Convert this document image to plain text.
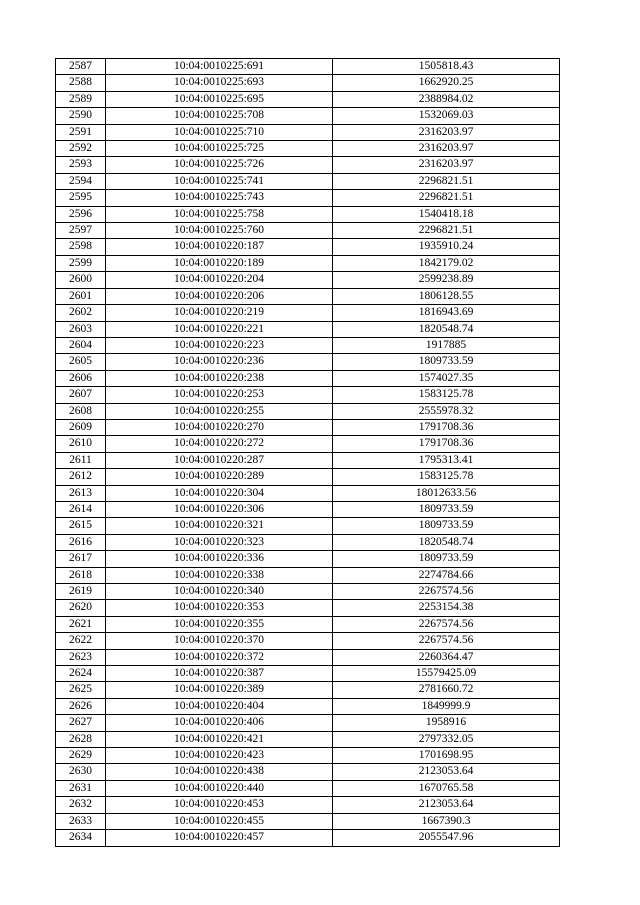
2587	10:04:0010225:691	1505818.43
2588	10:04:0010225:693	1662920.25
2589	10:04:0010225:695	2388984.02
2590	10:04:0010225:708	1532069.03
2591	10:04:0010225:710	2316203.97
2592	10:04:0010225:725	2316203.97
2593	10:04:0010225:726	2316203.97
2594	10:04:0010225:741	2296821.51
2595	10:04:0010225:743	2296821.51
2596	10:04:0010225:758	1540418.18
2597	10:04:0010225:760	2296821.51
2598	10:04:0010220:187	1935910.24
2599	10:04:0010220:189	1842179.02
2600	10:04:0010220:204	2599238.89
2601	10:04:0010220:206	1806128.55
2602	10:04:0010220:219	1816943.69
2603	10:04:0010220:221	1820548.74
2604	10:04:0010220:223	1917885
2605	10:04:0010220:236	1809733.59
2606	10:04:0010220:238	1574027.35
2607	10:04:0010220:253	1583125.78
2608	10:04:0010220:255	2555978.32
2609	10:04:0010220:270	1791708.36
2610	10:04:0010220:272	1791708.36
2611	10:04:0010220:287	1795313.41
2612	10:04:0010220:289	1583125.78
2613	10:04:0010220:304	18012633.56
2614	10:04:0010220:306	1809733.59
2615	10:04:0010220:321	1809733.59
2616	10:04:0010220:323	1820548.74
2617	10:04:0010220:336	1809733.59
2618	10:04:0010220:338	2274784.66
2619	10:04:0010220:340	2267574.56
2620	10:04:0010220:353	2253154.38
2621	10:04:0010220:355	2267574.56
2622	10:04:0010220:370	2267574.56
2623	10:04:0010220:372	2260364.47
2624	10:04:0010220:387	15579425.09
2625	10:04:0010220:389	2781660.72
2626	10:04:0010220:404	1849999.9
2627	10:04:0010220:406	1958916
2628	10:04:0010220:421	2797332.05
2629	10:04:0010220:423	1701698.95
2630	10:04:0010220:438	2123053.64
2631	10:04:0010220:440	1670765.58
2632	10:04:0010220:453	2123053.64
2633	10:04:0010220:455	1667390.3
2634	10:04:0010220:457	2055547.96
